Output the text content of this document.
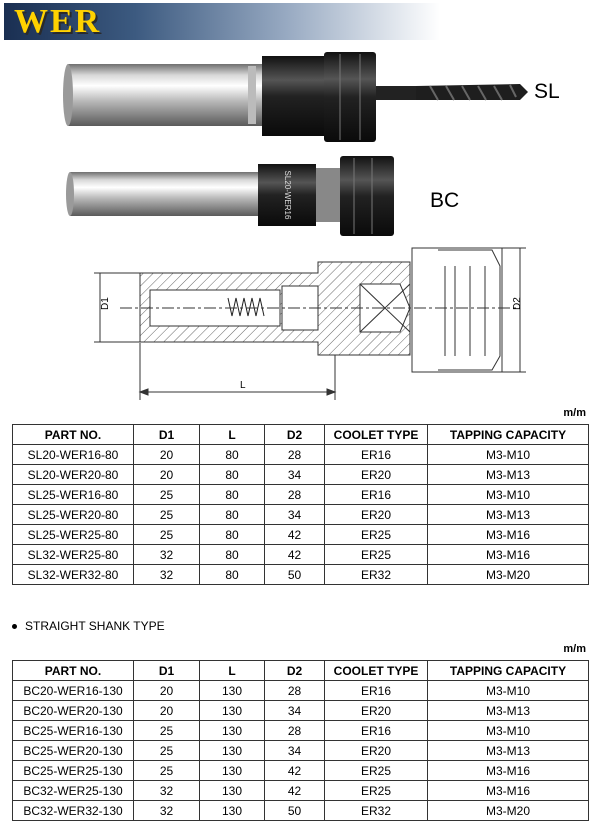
WER
SL20-WER16
D1	D2
L
SL
BC
m/m
PART NO.	D1	L	D2	COOLET TYPE	TAPPING CAPACITY
SL20-WER16-80	20	80	28	ER16	M3-M10
SL20-WER20-80	20	80	34	ER20	M3-M13
SL25-WER16-80	25	80	28	ER16	M3-M10
SL25-WER20-80	25	80	34	ER20	M3-M13
SL25-WER25-80	25	80	42	ER25	M3-M16
SL32-WER25-80	32	80	42	ER25	M3-M16
SL32-WER32-80	32	80	50	ER32	M3-M20
STRAIGHT SHANK TYPE
m/m
PART NO.	D1	L	D2	COOLET TYPE	TAPPING CAPACITY
BC20-WER16-130	20	130	28	ER16	M3-M10
BC20-WER20-130	20	130	34	ER20	M3-M13
BC25-WER16-130	25	130	28	ER16	M3-M10
BC25-WER20-130	25	130	34	ER20	M3-M13
BC25-WER25-130	25	130	42	ER25	M3-M16
BC32-WER25-130	32	130	42	ER25	M3-M16
BC32-WER32-130	32	130	50	ER32	M3-M20
